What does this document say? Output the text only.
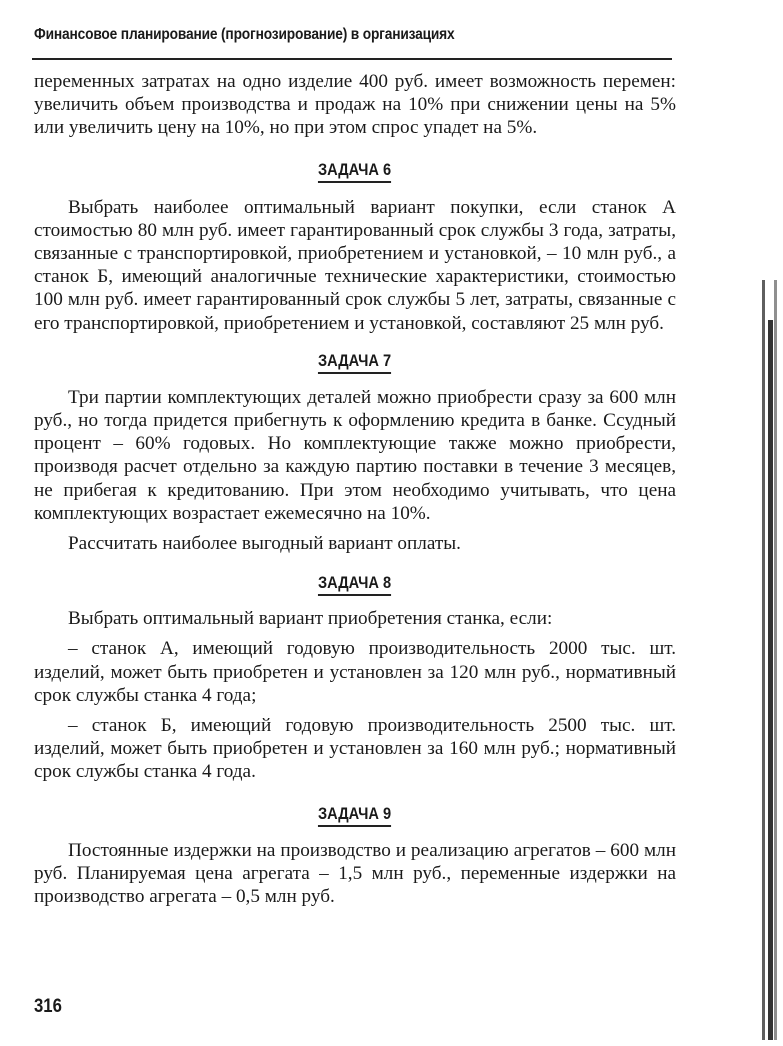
Финансовое планирование (прогнозирование) в организациях

переменных затратах на одно изделие 400 руб. имеет возможность перемен: увеличить объем производства и продаж на 10% при снижении цены на 5% или увеличить цену на 10%, но при этом спрос упадет на 5%.

ЗАДАЧА 6

Выбрать наиболее оптимальный вариант покупки, если станок А стоимостью 80 млн руб. имеет гарантированный срок службы 3 года, затраты, связанные с транспортировкой, приобретением и установкой, – 10 млн руб., а станок Б, имеющий аналогичные технические характеристики, стоимостью 100 млн руб. имеет гарантированный срок службы 5 лет, затраты, связанные с его транспортировкой, приобретением и установкой, составляют 25 млн руб.

ЗАДАЧА 7

Три партии комплектующих деталей можно приобрести сразу за 600 млн руб., но тогда придется прибегнуть к оформлению кредита в банке. Ссудный процент – 60% годовых. Но комплектующие также можно приобрести, производя расчет отдельно за каждую партию поставки в течение 3 месяцев, не прибегая к кредитованию. При этом необходимо учитывать, что цена комплектующих возрастает ежемесячно на 10%.

Рассчитать наиболее выгодный вариант оплаты.

ЗАДАЧА 8

Выбрать оптимальный вариант приобретения станка, если:

– станок А, имеющий годовую производительность 2000 тыс. шт. изделий, может быть приобретен и установлен за 120 млн руб., нормативный срок службы станка 4 года;

– станок Б, имеющий годовую производительность 2500 тыс. шт. изделий, может быть приобретен и установлен за 160 млн руб.; нормативный срок службы станка 4 года.

ЗАДАЧА 9

Постоянные издержки на производство и реализацию агрегатов – 600 млн руб. Планируемая цена агрегата – 1,5 млн руб., переменные издержки на производство агрегата – 0,5 млн руб.

316
